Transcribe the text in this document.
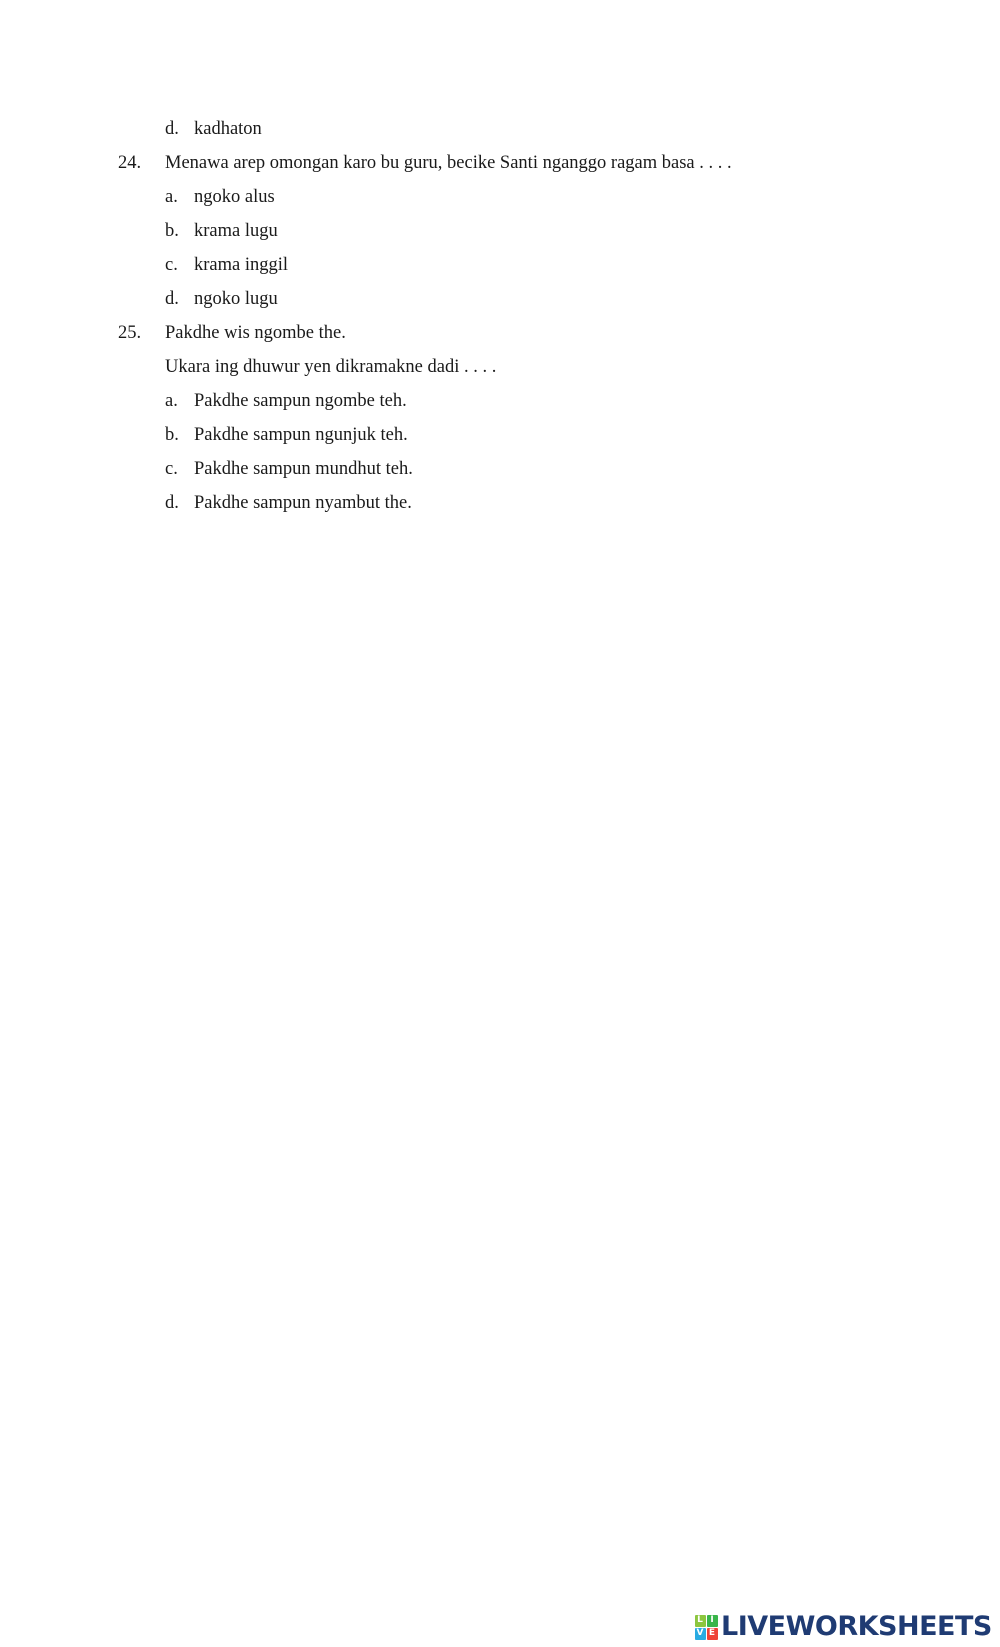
d. kadhaton
24. Menawa arep omongan karo bu guru, becike Santi nganggo ragam basa . . . .
a. ngoko alus
b. krama lugu
c. krama inggil
d. ngoko lugu
25. Pakdhe wis ngombe the.
Ukara ing dhuwur yen dikramakne dadi . . . .
a. Pakdhe sampun ngombe teh.
b. Pakdhe sampun ngunjuk teh.
c. Pakdhe sampun mundhut teh.
d. Pakdhe sampun nyambut the.
L I
V E LIVEWORKSHEETS
